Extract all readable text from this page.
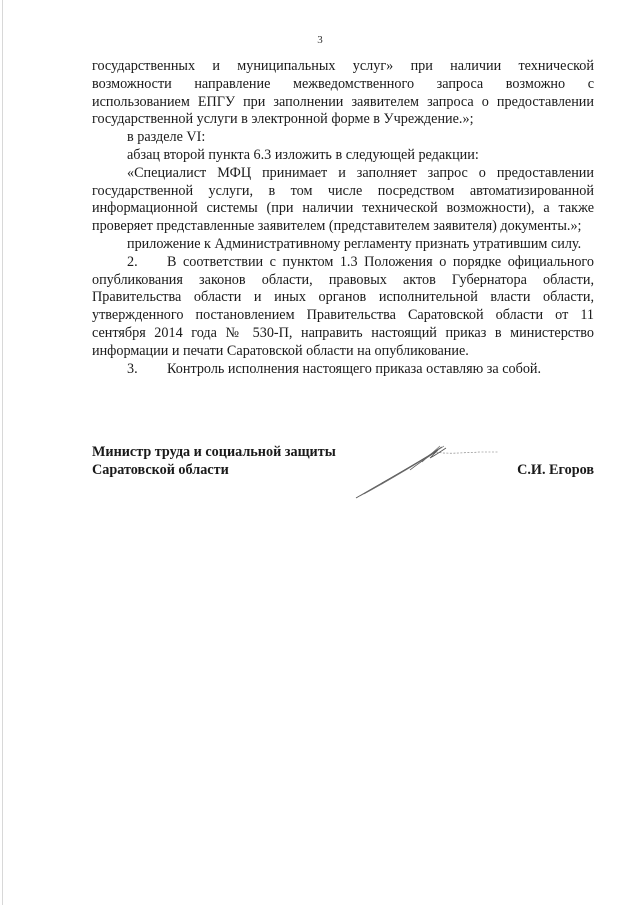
3

государственных и муниципальных услуг» при наличии технической возможности направление межведомственного запроса возможно с использованием ЕПГУ при заполнении заявителем запроса о предоставлении государственной услуги в электронной форме в Учреждение.»;

в разделе VI:

абзац второй пункта 6.3 изложить в следующей редакции:

«Специалист МФЦ принимает и заполняет запрос о предоставлении государственной услуги, в том числе посредством автоматизированной информационной системы (при наличии технической возможности), а также проверяет представленные заявителем (представителем заявителя) документы.»;

приложение к Административному регламенту признать утратившим силу.

2. В соответствии с пунктом 1.3 Положения о порядке официального опубликования законов области, правовых актов Губернатора области, Правительства области и иных органов исполнительной власти области, утвержденного постановлением Правительства Саратовской области от 11 сентября 2014 года № 530-П, направить настоящий приказ в министерство информации и печати Саратовской области на опубликование.

3. Контроль исполнения настоящего приказа оставляю за собой.

Министр труда и социальной защиты Саратовской области	С.И. Егоров
